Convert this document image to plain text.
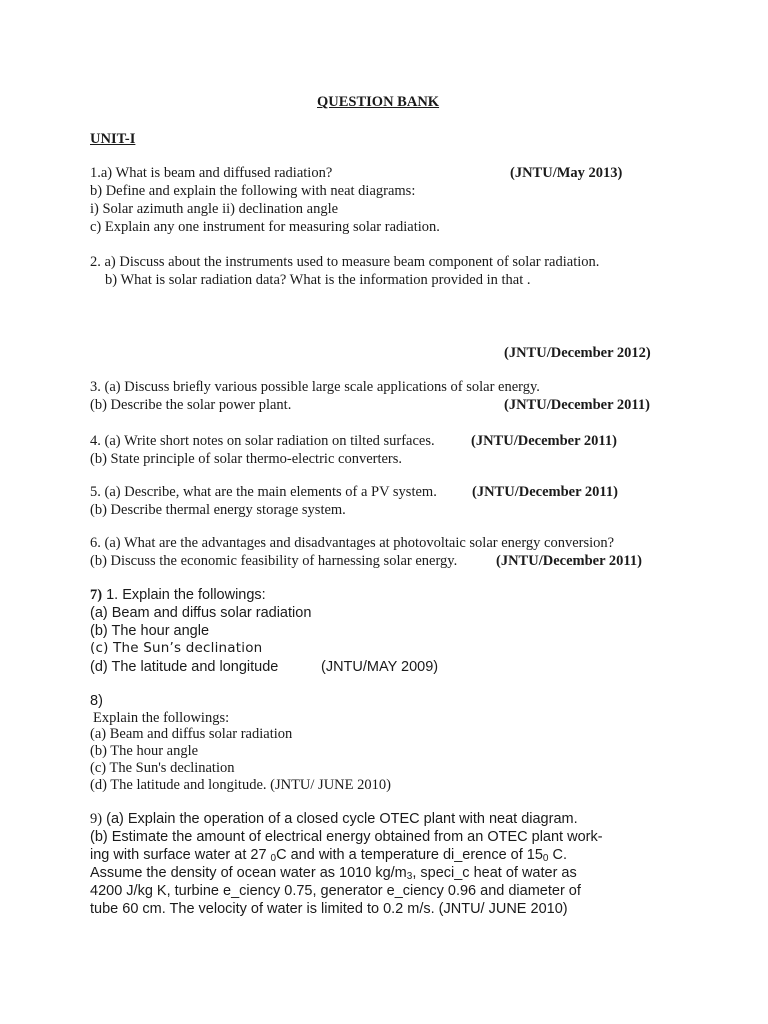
QUESTION BANK

UNIT-I

1.a) What is beam and diffused radiation?	(JNTU/May 2013)

b) Define and explain the following with neat diagrams:

i) Solar azimuth angle ii) declination angle

c) Explain any one instrument for measuring solar radiation.

2. a) Discuss about the instruments used to measure beam component of solar radiation.

b) What is solar radiation data? What is the information provided in that .

(JNTU/December 2012)

3. (a) Discuss brieﬂy various possible large scale applications of solar energy.

(b) Describe the solar power plant.	(JNTU/December 2011)

4. (a) Write short notes on solar radiation on tilted surfaces.	(JNTU/December 2011)

(b) State principle of solar thermo-electric converters.

5. (a) Describe, what are the main elements of a PV system. (JNTU/December 2011)

(b) Describe thermal energy storage system.

6. (a) What are the advantages and disadvantages at photovoltaic solar energy conversion?

(b) Discuss the economic feasibility of harnessing solar energy.	(JNTU/December 2011)

7) 1. Explain the followings:

(a) Beam and diffus solar radiation

(b) The hour angle

(c) The Sun’s declination

(d) The latitude and longitude	(JNTU/MAY 2009)

8)

Explain the followings:

(a) Beam and diffus solar radiation

(b) The hour angle

(c) The Sun's declination

(d) The latitude and longitude. (JNTU/ JUNE 2010)

9) (a) Explain the operation of a closed cycle OTEC plant with neat diagram.

(b) Estimate the amount of electrical energy obtained from an OTEC plant work-

ing with surface water at 27 0C and with a temperature di_erence of 150 C.

Assume the density of ocean water as 1010 kg/m3, speci_c heat of water as

4200 J/kg K, turbine e_ciency 0.75, generator e_ciency 0.96 and diameter of

tube 60 cm. The velocity of water is limited to 0.2 m/s. (JNTU/ JUNE 2010)
